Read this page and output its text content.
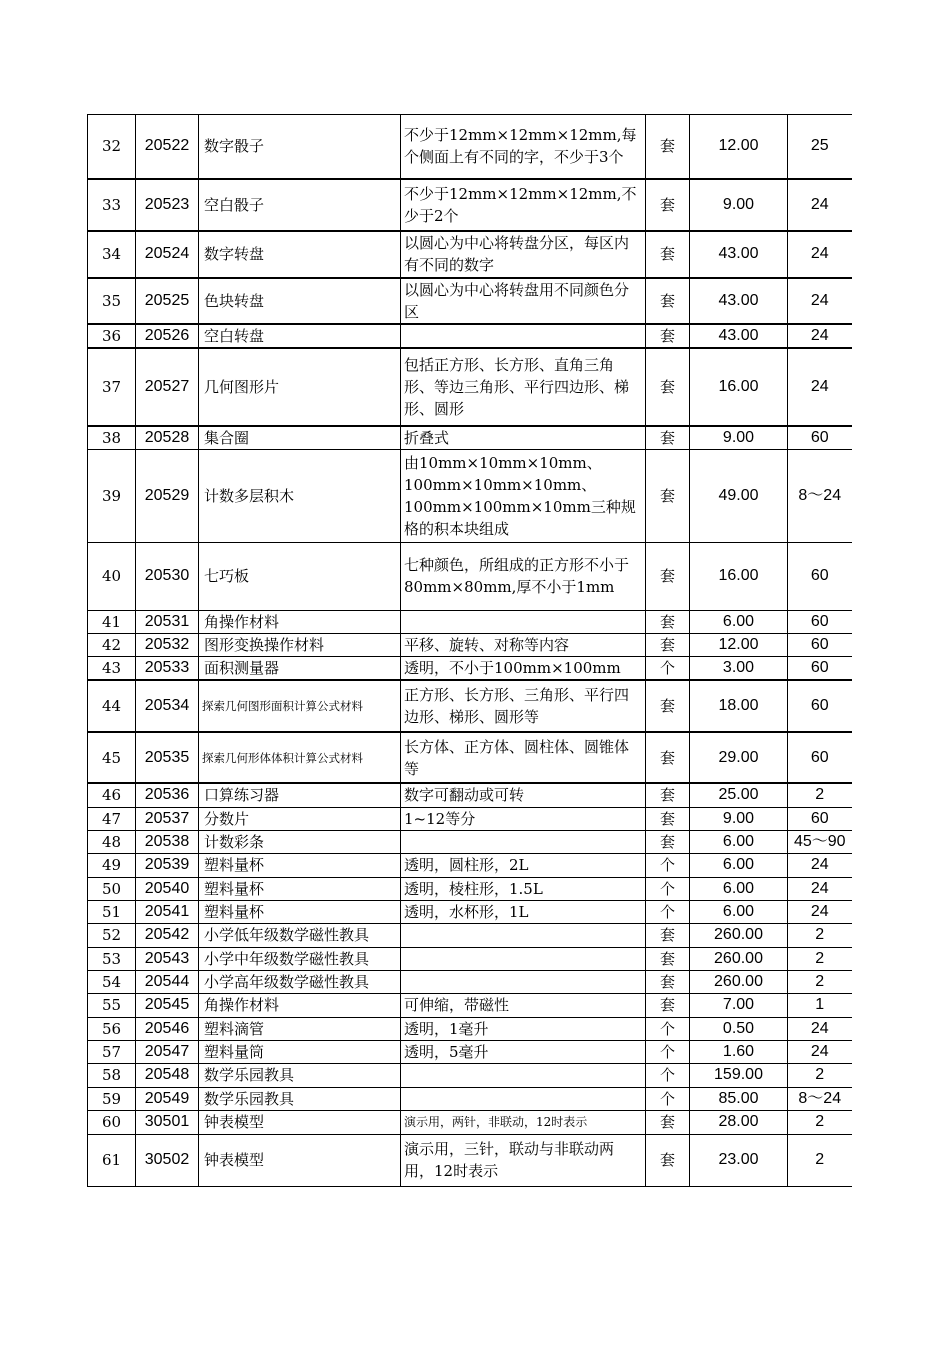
32	20522	数字骰子	不少于12mm×12mm×12mm,每个侧面上有不同的字，不少于3个	套	12.00	25
33	20523	空白骰子	不少于12mm×12mm×12mm,不少于2个	套	9.00	24
34	20524	数字转盘	以圆心为中心将转盘分区，每区内有不同的数字	套	43.00	24
35	20525	色块转盘	以圆心为中心将转盘用不同颜色分区	套	43.00	24
36	20526	空白转盘		套	43.00	24
37	20527	几何图形片	包括正方形、长方形、直角三角形、等边三角形、平行四边形、梯形、圆形	套	16.00	24
38	20528	集合圈	折叠式	套	9.00	60
39	20529	计数多层积木	由10mm×10mm×10mm、100mm×10mm×10mm、100mm×100mm×10mm三种规格的积本块组成	套	49.00	8～24
40	20530	七巧板	七种颜色，所组成的正方形不小于80mm×80mm,厚不小于1mm	套	16.00	60
41	20531	角操作材料		套	6.00	60
42	20532	图形变换操作材料	平移、旋转、对称等内容	套	12.00	60
43	20533	面积测量器	透明，不小于100mm×100mm	个	3.00	60
44	20534	探索几何图形面积计算公式材料	正方形、长方形、三角形、平行四边形、梯形、圆形等	套	18.00	60
45	20535	探索几何形体体积计算公式材料	长方体、正方体、圆柱体、圆锥体等	套	29.00	60
46	20536	口算练习器	数字可翻动或可转	套	25.00	2
47	20537	分数片	1~12等分	套	9.00	60
48	20538	计数彩条		套	6.00	45～90
49	20539	塑料量杯	透明，圆柱形，2L	个	6.00	24
50	20540	塑料量杯	透明，棱柱形，1.5L	个	6.00	24
51	20541	塑料量杯	透明，水杯形，1L	个	6.00	24
52	20542	小学低年级数学磁性教具		套	260.00	2
53	20543	小学中年级数学磁性教具		套	260.00	2
54	20544	小学高年级数学磁性教具		套	260.00	2
55	20545	角操作材料	可伸缩，带磁性	套	7.00	1
56	20546	塑料滴管	透明，1毫升	个	0.50	24
57	20547	塑料量筒	透明，5毫升	个	1.60	24
58	20548	数学乐园教具		个	159.00	2
59	20549	数学乐园教具		个	85.00	8～24
60	30501	钟表模型	演示用，两针，非联动，12时表示	套	28.00	2
61	30502	钟表模型	演示用，三针，联动与非联动两用，12时表示	套	23.00	2
